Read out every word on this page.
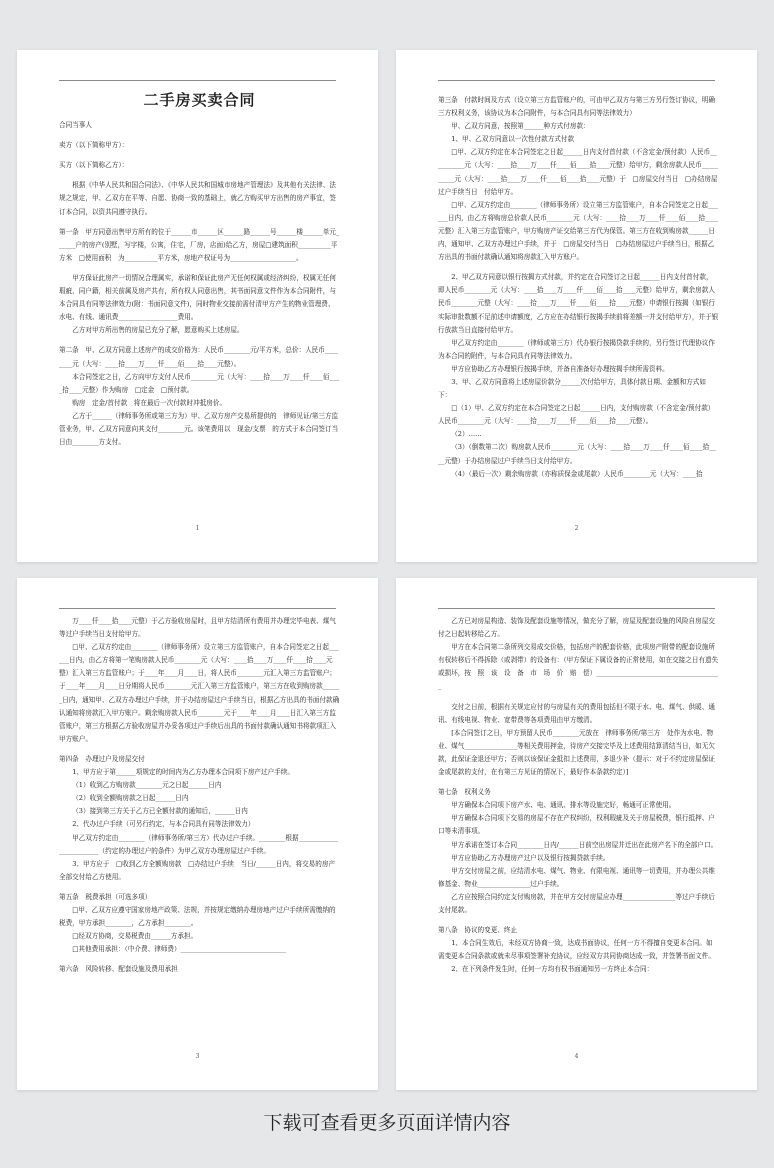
二手房买卖合同

合同当事人

卖方（以下简称甲方）：

买方（以下简称乙方）：

根据《中华人民共和国合同法》、《中华人民共和国城市房地产管理法》及其他有关法律、法规之规定，甲、乙双方在平等、自愿、协商一致的基础上，就乙方购买甲方出售的房产事宜，签订本合同，以资共同遵守执行。

第一条　甲方同意出售甲方所有的位于______市______区______路______号______楼______单元______户的房产(别墅，写字楼，公寓，住宅，厂房，店面)给乙方，房屋□建筑面积__________平方米　□使用面积　为__________平方米，房地产权证号为____________________。

甲方保证此房产一切情况合理属实，承诺和保证此房产无任何权属或经济纠纷，权属无任何瑕疵，同户籍，相关前属及房产共有，所有权人同意出售，其书面同意文件作为本合同附件，与本合同具有同等法律效力(附：书面同意文件)，同时物业交接前需付清甲方产生的物业管理费、水电、有线、通讯费__________________费用。

乙方对甲方所出售的房屋已充分了解，愿意购买上述房屋。

第二条　甲、乙双方同意上述房产的成交价格为：人民币________元/平方米，总价：人民币________元（大写：____拾____万____仟____佰____拾____元整）。

本合同签定之日，乙方向甲方支付人民币________元（大写：____拾____万____仟____佰____拾____元整）作为购房　□定金　□预付款。

购房　定金/首付款　将在最后一次付款时冲抵房价。

乙方于______（律师事务所或第三方为）甲、乙双方房产交易所提供的　律师见证/第三方监管业务，甲、乙双方同意向其支付________元。该笔费用以　现金/支票　的方式于本合同签订当日由________方支付。

1

第三条　付款时间及方式（设立第三方监管账户的，可由甲乙双方与第三方另行签订协议，明确三方权利义务，该协议为本合同附件，与本合同具有同等法律效力）

甲、乙双方同意，按照第______种方式付房款：

1、甲、乙双方同意以一次性付款方式付款

□甲、乙双方约定在本合同签定之日起______日内支付首付款（不含定金/预付款）人民币__________元（大写：____拾____万____仟____佰____拾____元整）给甲方，剩余房款人民币__________元（大写：____拾____万____仟____佰____拾____元整）于　□房屋交付当日　□办结房屋过户手续当日　付给甲方。

□甲、乙双方约定由________（律师事务所）设立第三方监管账户，自本合同签定之日起______日内，由乙方将购房总价款人民币________元（大写：____拾____万____仟____佰____拾____元整）汇入第三方监管账户，甲方购房产证交给第三方代为保管。第三方在收到购房款______日内，通知甲、乙双方办理过户手续，并于　□房屋交付当日　□办结房屋过户手续当日，根据乙方出具的书面付款确认通知将房款汇入甲方账户。

2、甲乙双方同意以银行按揭方式付款，并约定在合同签订之日起______日内支付首付款，即人民币________元（大写：____拾____万____仟____佰____拾____元整）给甲方，剩余房款人民币________元整（大写：____拾____万____仟____佰____拾____元整）申请银行按揭（如银行实际审批数额不足前述申请额度，乙方应在办结银行按揭手续前将差额一并支付给甲方），并于银行放款当日直接付给甲方。

甲乙双方约定由________（律师或第三方）代办银行按揭贷款手续的，另行签订代理协议作为本合同的附件，与本合同具有同等法律效力。

甲方应协助乙方办理银行按揭手续，并备自准备好办理按揭手续所需资料。

3、甲、乙双方同意将上述房屋价款分______次付给甲方，具体付款日期、金额和方式如下：

□（1）甲、乙双方约定在本合同签定之日起______日内，支付购房款（不含定金/预付款）人民币________元（大写：____拾____万____仟____佰____拾____元整）。

（2）……

（3）（倒数第二次）购房款人民币________元（大写：____拾____万____仟____佰____拾____元整）于办结房屋过户手续当日支付给甲方。

（4）（最后一次）剩余购房款（亦称质保金或尾款）人民币________元（大写：____拾

2

万____仟____拾____元整）于乙方验收房屋时，且甲方结清所有费用并办理完毕电表、煤气等过户手续当日支付给甲方。

□甲、乙双方约定由________（律师事务所）设立第三方监管账户，自本合同签定之日起______日内，由乙方将第一笔购房款人民币________元（大写：____拾____万____仟____拾____元整）汇入第三方监管账户；于____年____月____日，将人民币________元汇入第三方监管账户；于____年____月____日分期将人民币________元汇入第三方监管账户，第三方在收到购房款______日内，通知甲、乙双方办理过户手续，并于办结房屋过户手续当日，根据乙方出具的书面付款确认通知将房款汇入甲方账户。剩余购房款人民币________元于____年____月____日汇入第三方监管账户，第三方根据乙方验收房屋并办妥各项过户手续后出具的书面付款确认通知书将款项汇入甲方账户。

第四条　办理过户及房屋交付

1、甲方应于第______项规定的时间内为乙方办理本合同项下房产过户手续。

（1）收到乙方购房款________元之日起______日内

（2）收到全额购房款之日起______日内

（3）接到第三方关于乙方已全额付款的通知后，______日内

2、代办过户手续（可另行约定，与本合同具有同等法律效力）

甲乙双方约定由________（律师事务所/第三方）代办过户手续。________根据________________________（约定的办理过户的条件）为甲乙双方办理房屋过户手续。

3、甲方应于　□收到乙方全额购房款　□办结过户手续　当日/______日内，将交易的房产全部交付给乙方使用。

第五条　税费承担（可选多项）

□甲、乙双方应遵守国家房地产政策、法规，并按规定缴纳办理房地产过户手续所需缴纳的税费，甲方承担________，乙方承担________。

□经双方协商，交易税费由______方承担。

□其他费用承担：（中介费、律师费）________________________________

第六条　风险转移、配套设施及费用承担

3

乙方已对房屋构造、装饰及配套设施等情况，做充分了解，房屋及配套设施的风险自房屋交付之日起转移给乙方。

甲方在本合同第二条所列交易成交价格，包括房产的配套价格，此项房产附带的配套设施所有权转移后不得拆除（或剥带）的设备有：（甲方保证下属设备的正常使用，如在交接之日有遗失或损坏，按　照　该　设　备　市　场　价　赔　偿）______________________________________

交付之日前，根据有关规定应付的与房屋有关的费用包括但不限于水、电、煤气、供暖、通讯、有线电视、物业、宽带费等各项费用由甲方缴清。

[本合同签订之日，甲方预留人民币________元放在　律师事务所/第三方　处作为水电、物业、煤气________________等相关费用押金，待房产交接完毕及上述费用结算清结当日，如无欠款，此保证金退还甲方；否则以该保证金抵扣上述费用，多退少补（提示：对于不约定房屋保证金或尾款的支付，在有第三方见证的情况下，最好作本条款约定）]

第七条　权利义务

甲方确保本合同项下房产水、电、通讯、排水等设施完好，畅通可正常使用。

甲方确保本合同项下交易的房屋不存在产权纠纷，权利瑕疵及关于房屋税费，银行抵押、户口等未清事项。

甲方承诺在签订本合同________日内/______日前空出房屋并迁出在此房产名下的全部户口。

甲方应协助乙方办理房产过户以及银行按揭贷款手续。

甲方交付房屋之前，应结清水电、煤气、物业、有限电视、通讯等一切费用，并办理公共维修基金、物业________________过户手续。

乙方应按照合同约定支付购房款，并在甲方交付房屋应办理________________等过户手续后支付尾款。

第八条　协议的变更、终止

1、本合同生效后，未经双方协商一致，达成书面协议，任何一方不得擅自变更本合同。如需变更本合同条款或就未尽事项签署补充协议，应经双方共同协商达成一致，并签署书面文件。

2、在下列条件发生时，任何一方均有权书面通知另一方终止本合同：

4
下载可查看更多页面详情内容
